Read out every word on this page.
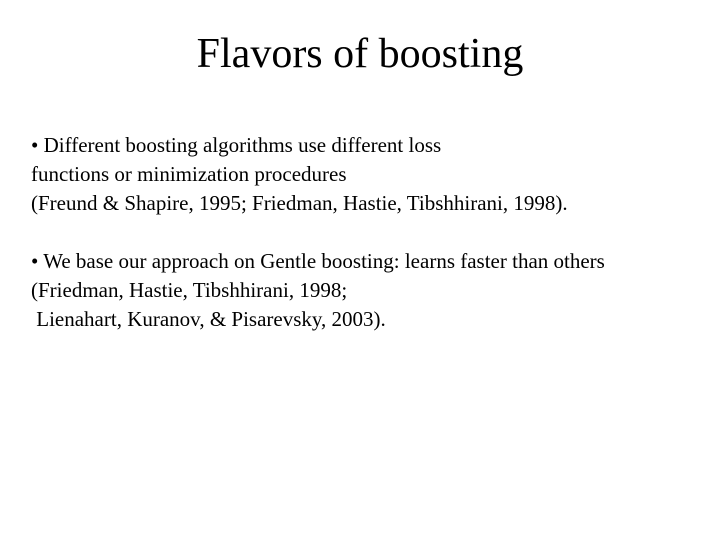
Flavors of boosting
• Different boosting algorithms use different loss
functions or minimization procedures
(Freund & Shapire, 1995; Friedman, Hastie, Tibshhirani, 1998).
• We base our approach on Gentle boosting: learns faster than others
(Friedman, Hastie, Tibshhirani, 1998;
Lienahart, Kuranov, & Pisarevsky, 2003).
